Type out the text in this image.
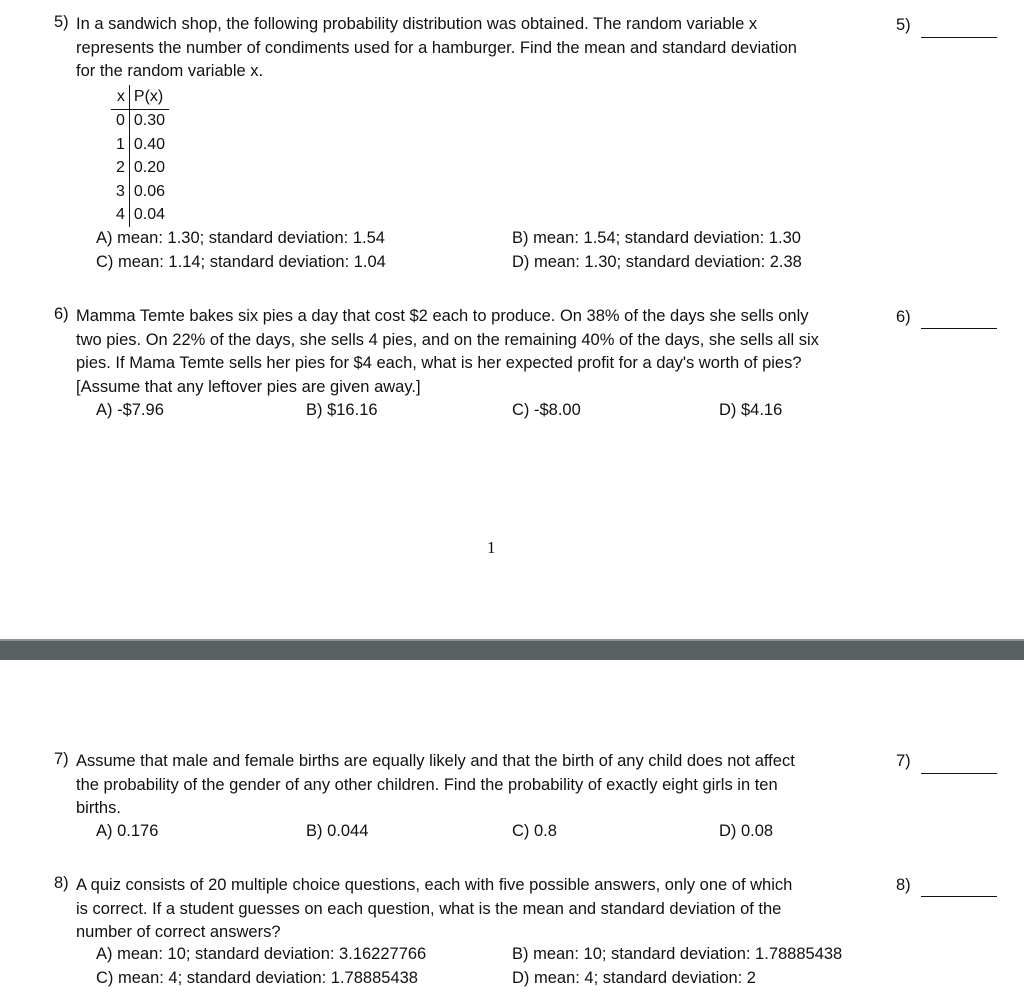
5) In a sandwich shop, the following probability distribution was obtained. The random variable x
represents the number of condiments used for a hamburger. Find the mean and standard deviation
for the random variable x.
5)
x	P(x)
0	0.30
1	0.40
2	0.20
3	0.06
4	0.04
A) mean: 1.30; standard deviation: 1.54	B) mean: 1.54; standard deviation: 1.30
C) mean: 1.14; standard deviation: 1.04	D) mean: 1.30; standard deviation: 2.38
6) Mamma Temte bakes six pies a day that cost $2 each to produce. On 38% of the days she sells only
two pies. On 22% of the days, she sells 4 pies, and on the remaining 40% of the days, she sells all six
pies. If Mama Temte sells her pies for $4 each, what is her expected profit for a day's worth of pies?
[Assume that any leftover pies are given away.]
6)
A) -$7.96	B) $16.16	C) -$8.00	D) $4.16
1
7) Assume that male and female births are equally likely and that the birth of any child does not affect
the probability of the gender of any other children. Find the probability of exactly eight girls in ten
births.
7)
A) 0.176	B) 0.044	C) 0.8	D) 0.08
8) A quiz consists of 20 multiple choice questions, each with five possible answers, only one of which
is correct. If a student guesses on each question, what is the mean and standard deviation of the
number of correct answers?
8)
A) mean: 10; standard deviation: 3.16227766	B) mean: 10; standard deviation: 1.78885438
C) mean: 4; standard deviation: 1.78885438	D) mean: 4; standard deviation: 2
